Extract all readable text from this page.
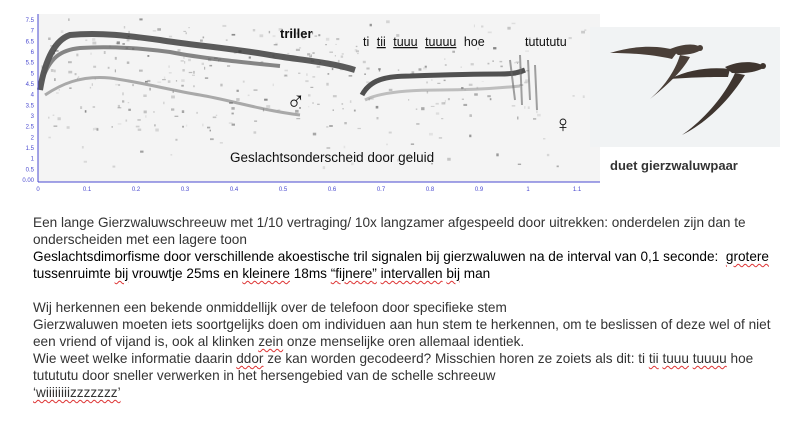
7.5
7
6.5
6
5.5
5
4.5
4
3.5
3
2.5
2
1.5
1
0.5
0.00
0	0.1	0.2	0.3	0.4	0.5	0.6	0.7	0.8	0.9	1	1.1
triller
ti tii tuuu tuuuu hoe	tutututu
♂
♀
Geslachtsonderscheid door geluid
duet gierzwaluwpaar

Een lange Gierzwaluwschreeuw met 1/10 vertraging/ 10x langzamer afgespeeld door uitrekken: onderdelen zijn dan te onderscheiden met een lagere toon

Geslachtsdimorfisme door verschillende akoestische tril signalen bij gierzwaluwen na de interval van 0,1 seconde: grotere tussenruimte bij vrouwtje 25ms en kleinere 18ms “fijnere” intervallen bij man

Wij herkennen een bekende onmiddellijk over de telefoon door specifieke stem

Gierzwaluwen moeten iets soortgelijks doen om individuen aan hun stem te herkennen, om te beslissen of deze wel of niet een vriend of vijand is, ook al klinken zein onze menselijke oren allemaal identiek.

Wie weet welke informatie daarin ddor ze kan worden gecodeerd? Misschien horen ze zoiets als dit: ti tii tuuu tuuuu hoe tutututu door sneller verwerken in het hersengebied van de schelle schreeuw
‘wiiiiiiiizzzzzzz’
